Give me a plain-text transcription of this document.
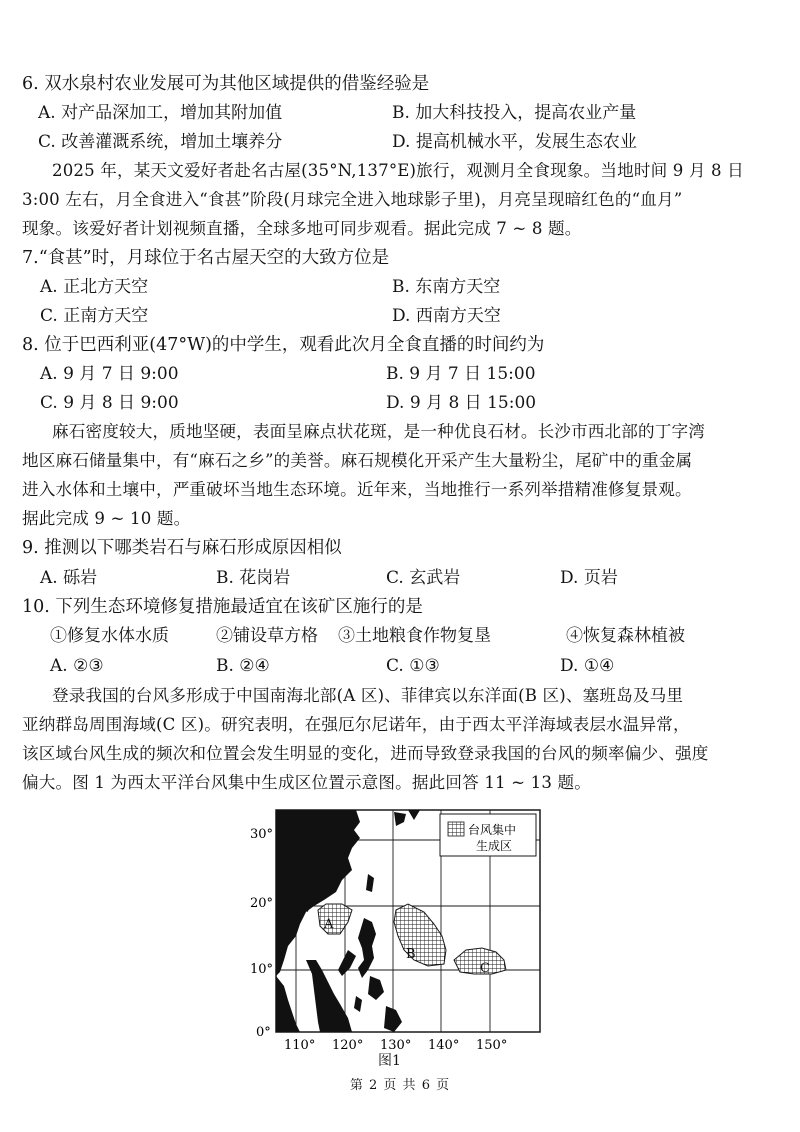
6. 双水泉村农业发展可为其他区域提供的借鉴经验是
A. 对产品深加工，增加其附加值	B. 加大科技投入，提高农业产量
C. 改善灌溉系统，增加土壤养分	D. 提高机械水平，发展生态农业
2025 年，某天文爱好者赴名古屋(35°N,137°E)旅行，观测月全食现象。当地时间 9 月 8 日
3:00 左右，月全食进入“食甚”阶段(月球完全进入地球影子里)，月亮呈现暗红色的“血月”
现象。该爱好者计划视频直播，全球多地可同步观看。据此完成 7 ~ 8 题。
7.“食甚”时，月球位于名古屋天空的大致方位是
A. 正北方天空	B. 东南方天空
C. 正南方天空	D. 西南方天空
8. 位于巴西利亚(47°W)的中学生，观看此次月全食直播的时间约为
A. 9 月 7 日 9:00	B. 9 月 7 日 15:00
C. 9 月 8 日 9:00	D. 9 月 8 日 15:00
麻石密度较大，质地坚硬，表面呈麻点状花斑，是一种优良石材。长沙市西北部的丁字湾
地区麻石储量集中，有“麻石之乡”的美誉。麻石规模化开采产生大量粉尘，尾矿中的重金属
进入水体和土壤中，严重破坏当地生态环境。近年来，当地推行一系列举措精准修复景观。
据此完成 9 ~ 10 题。
9. 推测以下哪类岩石与麻石形成原因相似
A. 砾岩	B. 花岗岩	C. 玄武岩	D. 页岩
10. 下列生态环境修复措施最适宜在该矿区施行的是
①修复水体水质	②铺设草方格 ③土地粮食作物复垦	④恢复森林植被
A. ②③	B. ②④	C. ①③	D. ①④
登录我国的台风多形成于中国南海北部(A 区)、菲律宾以东洋面(B 区)、塞班岛及马里
亚纳群岛周围海域(C 区)。研究表明，在强厄尔尼诺年，由于西太平洋海域表层水温异常，
该区域台风生成的频次和位置会发生明显的变化，进而导致登录我国的台风的频率偏少、强度
偏大。图 1 为西太平洋台风集中生成区位置示意图。据此回答 11 ~ 13 题。
30°
20°
10°
0°
A
B
C
台风集中
生成区
110° 120° 130° 140° 150°
图1
第 2 页 共 6 页
